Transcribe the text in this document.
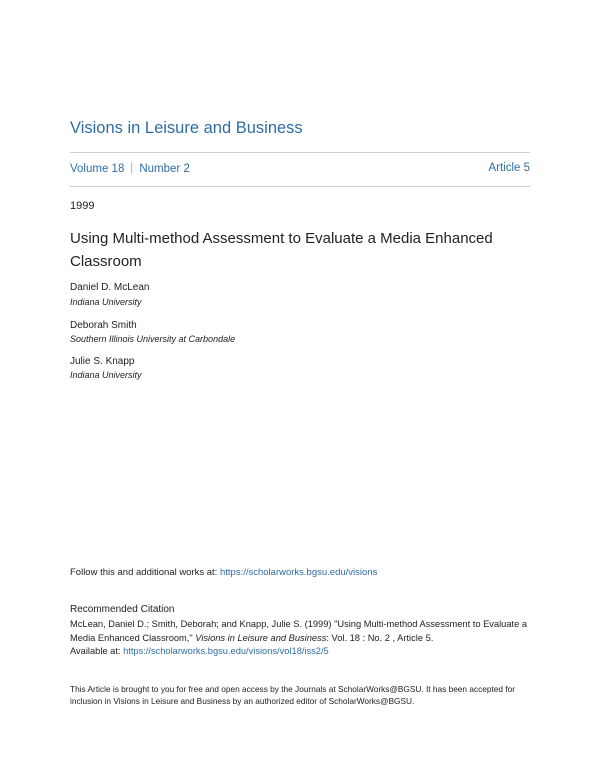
Visions in Leisure and Business
Volume 18 Number 2	Article 5
1999
Using Multi-method Assessment to Evaluate a Media Enhanced Classroom
Daniel D. McLean
Indiana University
Deborah Smith
Southern Illinois University at Carbondale
Julie S. Knapp
Indiana University
Follow this and additional works at: https://scholarworks.bgsu.edu/visions
Recommended Citation
McLean, Daniel D.; Smith, Deborah; and Knapp, Julie S. (1999) "Using Multi-method Assessment to Evaluate a Media Enhanced Classroom," Visions in Leisure and Business: Vol. 18 : No. 2 , Article 5.
Available at: https://scholarworks.bgsu.edu/visions/vol18/iss2/5
This Article is brought to you for free and open access by the Journals at ScholarWorks@BGSU. It has been accepted for inclusion in Visions in Leisure and Business by an authorized editor of ScholarWorks@BGSU.
